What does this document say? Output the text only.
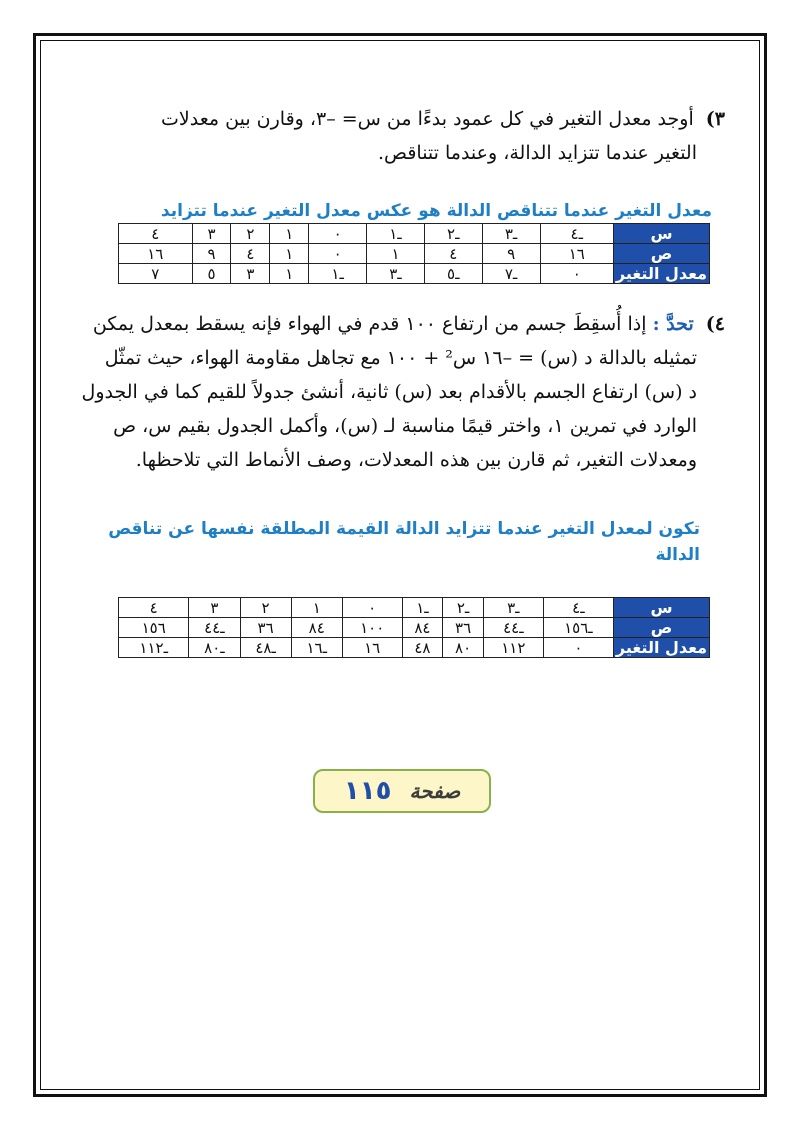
٣) أوجد معدل التغير في كل عمود بدءًا من س= –٣، وقارن بين معدلات
التغير عندما تتزايد الدالة، وعندما تتناقص.
معدل التغير عندما تتناقص الدالة هو عكس معدل التغير عندما تتزايد
س	ـ٤	ـ٣	ـ٢	ـ١	٠	١	٢	٣	٤
ص	١٦	٩	٤	١	٠	١	٤	٩	١٦
معدل التغير	٠	ـ٧	ـ٥	ـ٣	ـ١	١	٣	٥	٧
٤) تحدَّ : إذا أُسقِطَ جسم من ارتفاع ١٠٠ قدم في الهواء فإنه يسقط بمعدل يمكن
تمثيله بالدالة د (س) = –١٦ س² + ١٠٠ مع تجاهل مقاومة الهواء، حيث تمثّل
د (س) ارتفاع الجسم بالأقدام بعد (س) ثانية، أنشئ جدولاً للقيم كما في الجدول
الوارد في تمرين ١، واختر قيمًا مناسبة لـ (س)، وأكمل الجدول بقيم س، ص
ومعدلات التغير، ثم قارن بين هذه المعدلات، وصف الأنماط التي تلاحظها.
تكون لمعدل التغير عندما تتزايد الدالة القيمة المطلقة نفسها عن تناقص
الدالة
س	ـ٤	ـ٣	ـ٢	ـ١	٠	١	٢	٣	٤
ص	ـ١٥٦	ـ٤٤	٣٦	٨٤	١٠٠	٨٤	٣٦	ـ٤٤	١٥٦
معدل التغير	٠	١١٢	٨٠	٤٨	١٦	ـ١٦	ـ٤٨	ـ٨٠	ـ١١٢
صفحة
١١٥
